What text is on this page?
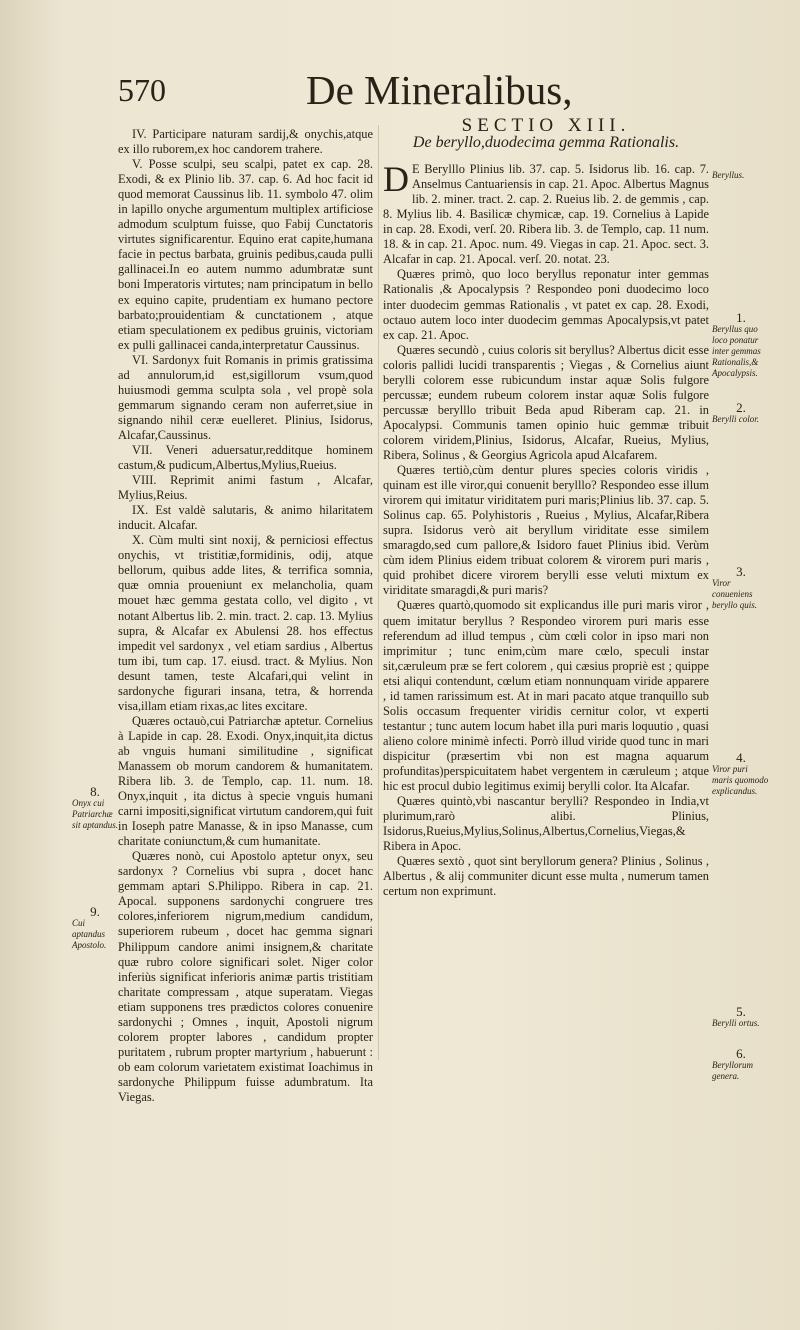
570	De Mineralibus,

IV. Participare naturam sardij,& onychis,atque ex illo ruborem,ex hoc candorem trahere.

V. Posse sculpi, seu scalpi, patet ex cap. 28. Exodi, & ex Plinio lib. 37. cap. 6. Ad hoc facit id quod memorat Caussinus lib. 11. symbolo 47. olim in lapillo onyche argumentum multiplex artificiose admodum sculptum fuisse, quo Fabij Cunctatoris virtutes significarentur. Equino erat capite,humana facie in pectus barbata, gruinis pedibus,cauda pulli gallinacei.In eo autem nummo adumbratæ sunt boni Imperatoris virtutes; nam principatum in bello ex equino capite, prudentiam ex humano pectore barbato;prouidentiam & cunctationem , atque etiam speculationem ex pedibus gruinis, victoriam ex pulli gallinacei canda,interpretatur Caussinus.

VI. Sardonyx fuit Romanis in primis gratissima ad annulorum,id est,sigillorum vsum,quod huiusmodi gemma sculpta sola , vel propè sola gemmarum signando ceram non auferret,siue in signando nihil ceræ euelleret. Plinius, Isidorus, Alcafar,Caussinus.

VII. Veneri aduersatur,redditque hominem castum,& pudicum,Albertus,Mylius,Rueius.

VIII. Reprimit animi fastum , Alcafar, Mylius,Reius.

IX. Est valdè salutaris, & animo hilaritatem inducit. Alcafar.

X. Cùm multi sint noxij, & perniciosi effectus onychis, vt tristitiæ,formidinis, odij, atque bellorum, quibus adde lites, & terrifica somnia, quæ omnia proueniunt ex melancholia, quam mouet hæc gemma gestata collo, vel digito , vt notant Albertus lib. 2. min. tract. 2. cap. 13. Mylius supra, & Alcafar ex Abulensi 28. hos effectus impedit vel sardonyx , vel etiam sardius , Albertus tum ibi, tum cap. 17. eiusd. tract. & Mylius. Non desunt tamen, teste Alcafari,qui velint in sardonyche figurari insana, tetra, & horrenda visa,illam etiam rixas,ac lites excitare.

Quæres octauò,cui Patriarchæ aptetur. Cornelius à Lapide in cap. 28. Exodi. Onyx,inquit,ita dictus ab vnguis humani similitudine , significat Manassem ob morum candorem & humanitatem. Ribera lib. 3. de Templo, cap. 11. num. 18. Onyx,inquit , ita dictus à specie vnguis humani carni impositi,significat virtutum candorem,qui fuit in Ioseph patre Manasse, & in ipso Manasse, cum charitate coniunctum,& cum humanitate.

Quæres nonò, cui Apostolo aptetur onyx, seu sardonyx ? Cornelius vbi supra , docet hanc gemmam aptari S.Philippo. Ribera in cap. 21. Apocal. supponens sardonychi congruere tres colores,inferiorem nigrum,medium candidum, superiorem rubeum , docet hac gemma signari Philippum candore animi insignem,& charitate quæ rubro colore significari solet. Niger color inferiùs significat inferioris animæ partis tristitiam charitate compressam , atque superatam. Viegas etiam supponens tres prædictos colores conuenire sardonychi ; Omnes , inquit, Apostoli nigrum colorem propter labores , candidum propter puritatem , rubrum propter martyrium , habuerunt : ob eam colorum varietatem existimat Ioachimus in sardonyche Philippum fuisse adumbratum. Ita Viegas.

SECTIO XIII.
De beryllo,duodecima gemma Rationalis.

D E Berylllo Plinius lib. 37. cap. 5. Isidorus lib. 16. cap. 7. Anselmus Cantuariensis in cap. 21. Apoc. Albertus Magnus lib. 2. miner. tract. 2. cap. 2. Rueius lib. 2. de gemmis , cap. 8. Mylius lib. 4. Basilicæ chymicæ, cap. 19. Cornelius à Lapide in cap. 28. Exodi, verſ. 20. Ribera lib. 3. de Templo, cap. 11 num. 18. & in cap. 21. Apoc. num. 49. Viegas in cap. 21. Apoc. sect. 3. Alcafar in cap. 21. Apocal. verſ. 20. notat. 23.

Quæres primò, quo loco beryllus reponatur inter gemmas Rationalis ,& Apocalypsis ? Respondeo poni duodecimo loco inter duodecim gemmas Rationalis , vt patet ex cap. 28. Exodi, octauo autem loco inter duodecim gemmas Apocalypsis,vt patet ex cap. 21. Apoc.

Quæres secundò , cuius coloris sit beryllus? Albertus dicit esse coloris pallidi lucidi transparentis ; Viegas , & Cornelius aiunt berylli colorem esse rubicundum instar aquæ Solis fulgore percussæ; eundem rubeum colorem instar aquæ Solis fulgore percussæ berylllo tribuit Beda apud Riberam cap. 21. in Apocalypsi. Communis tamen opinio huic gemmæ tribuit colorem viridem,Plinius, Isidorus, Alcafar, Rueius, Mylius, Ribera, Solinus , & Georgius Agricola apud Alcafarem.

Quæres tertiò,cùm dentur plures species coloris viridis , quinam est ille viror,qui conuenit berylllo? Respondeo esse illum virorem qui imitatur viriditatem puri maris;Plinius lib. 37. cap. 5. Solinus cap. 65. Polyhistoris , Rueius , Mylius, Alcafar,Ribera supra. Isidorus verò ait beryllum viriditate esse similem smaragdo,sed cum pallore,& Isidoro fauet Plinius ibid. Verùm cùm idem Plinius eidem tribuat colorem & virorem puri maris , quid prohibet dicere virorem berylli esse veluti mixtum ex viriditate smaragdi,& puri maris?

Quæres quartò,quomodo sit explicandus ille puri maris viror , quem imitatur beryllus ? Respondeo virorem puri maris esse referendum ad illud tempus , cùm cœli color in ipso mari non imprimitur ; tunc enim,cùm mare cœlo, speculi instar sit,cæruleum præ se fert colorem , qui cæsius propriè est ; quippe etsi aliqui contendunt, cœlum etiam nonnunquam viride apparere , id tamen rarissimum est. At in mari pacato atque tranquillo sub Solis occasum frequenter viridis cernitur color, vt experti testantur ; tunc autem locum habet illa puri maris loquutio , quasi alieno colore minimè infecti. Porrò illud viride quod tunc in mari dispicitur (præsertim vbi non est magna aquarum profunditas)perspicuitatem habet vergentem in cæruleum ; atque hic est procul dubio legitimus eximij berylli color. Ita Alcafar.

Quæres quintò,vbi nascantur berylli? Respondeo in India,vt plurimum,rarò alibi. Plinius, Isidorus,Rueius,Mylius,Solinus,Albertus,Cornelius,Viegas,& Ribera in Apoc.

Quæres sextò , quot sint beryllorum genera? Plinius , Solinus , Albertus , & alij communiter dicunt esse multa , numerum tamen certum non exprimunt.

8.
Onyx cui Patriarchæ sit aptandus.
9.
Cui aptandus Apostolo.
Beryllus.
1.
Beryllus quo loco ponatur inter gemmas Rationalis,& Apocalypsis.
2.
Berylli color.
3.
Viror conueniens beryllo quis.
4.
Viror puri maris quomodo explicandus.
5.
Berylli ortus.
6.
Beryllorum genera.
